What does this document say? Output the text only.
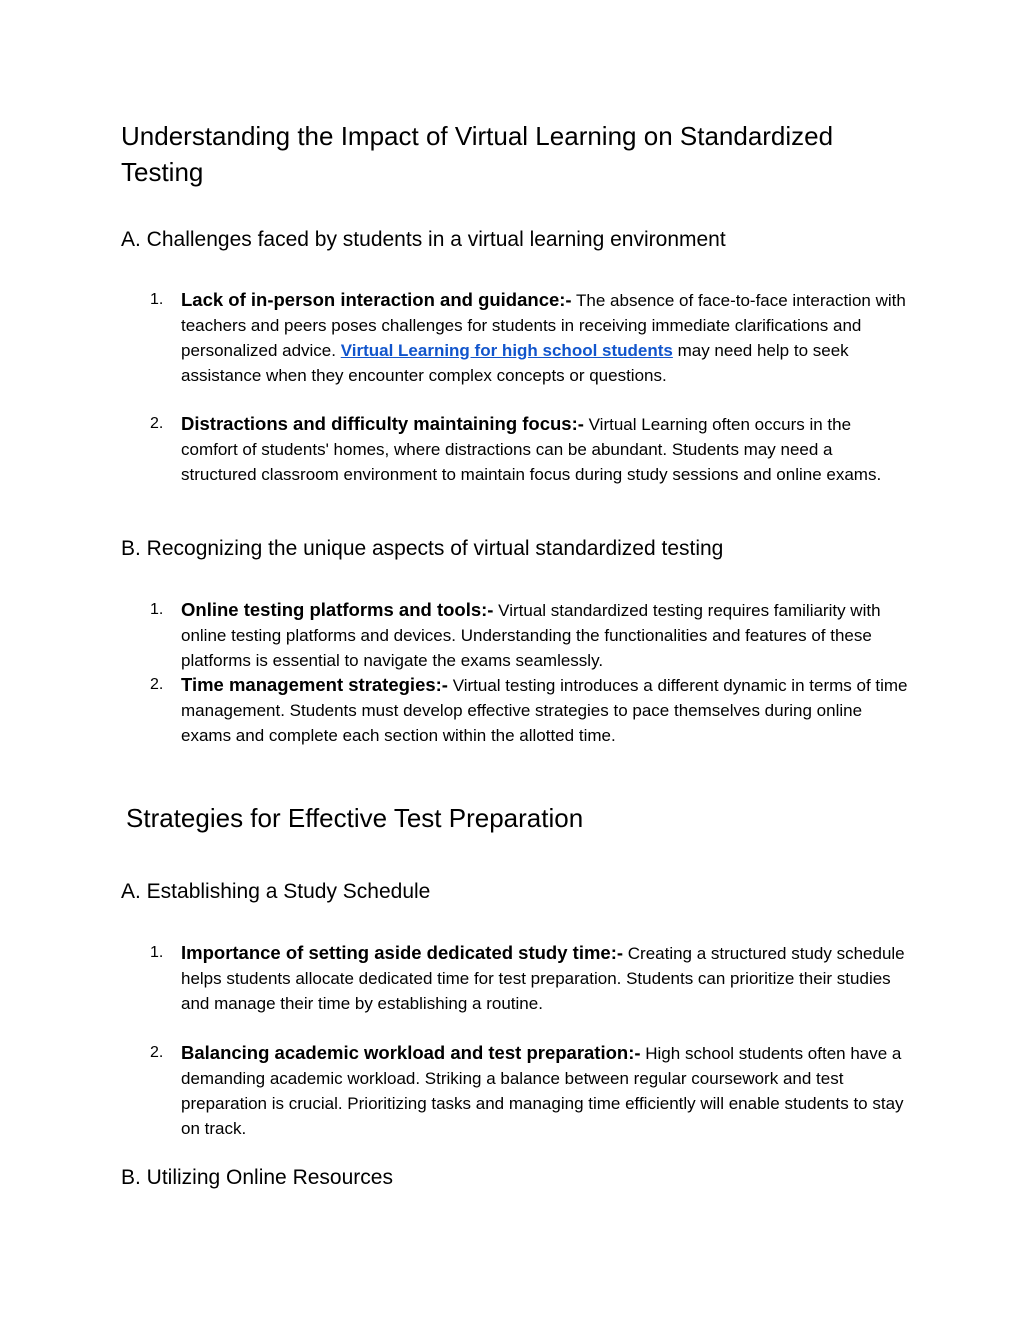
Understanding the Impact of Virtual Learning on Standardized Testing
A. Challenges faced by students in a virtual learning environment
1. Lack of in-person interaction and guidance:- The absence of face-to-face interaction with teachers and peers poses challenges for students in receiving immediate clarifications and personalized advice. Virtual Learning for high school students may need help to seek assistance when they encounter complex concepts or questions.
2. Distractions and difficulty maintaining focus:- Virtual Learning often occurs in the comfort of students' homes, where distractions can be abundant. Students may need a structured classroom environment to maintain focus during study sessions and online exams.
B. Recognizing the unique aspects of virtual standardized testing
1. Online testing platforms and tools:- Virtual standardized testing requires familiarity with online testing platforms and devices. Understanding the functionalities and features of these platforms is essential to navigate the exams seamlessly.
2. Time management strategies:- Virtual testing introduces a different dynamic in terms of time management. Students must develop effective strategies to pace themselves during online exams and complete each section within the allotted time.
Strategies for Effective Test Preparation
A. Establishing a Study Schedule
1. Importance of setting aside dedicated study time:- Creating a structured study schedule helps students allocate dedicated time for test preparation. Students can prioritize their studies and manage their time by establishing a routine.
2. Balancing academic workload and test preparation:- High school students often have a demanding academic workload. Striking a balance between regular coursework and test preparation is crucial. Prioritizing tasks and managing time efficiently will enable students to stay on track.
B. Utilizing Online Resources
